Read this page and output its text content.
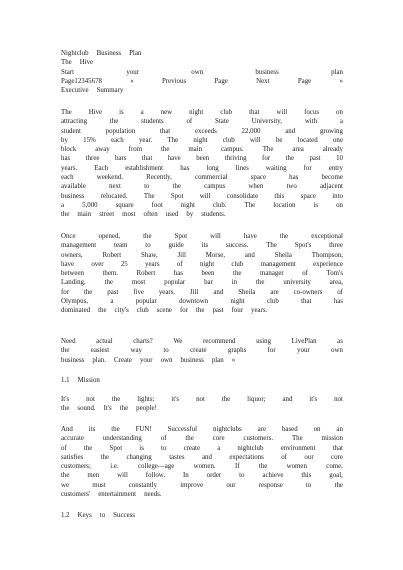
Nightclub Business Plan
The Hive
Start	your	own	business	plan
Page12345678	«	Previous	Page	Next	Page	»
Executive Summary
The Hive is a new night club that will focus on
attracting	the	students	of	State	University,	with	a
student	population	that	exceeds	22,000	and	growing
by 15% each year. The night club will be located one
block	away	from	the	main	campus.	The	area	already
has three bars that have been thriving for the past 10
years. Each establishment has long lines waiting for entry
each	weekend.	Recently,	commercial	space	has	become
available	next	to	the	campus	when	two	adjacent
business relocated. The Spot will consolidate this space into
a	5,000	square	foot	night	club.	The	location	is	on
the main street most often used by students.
Once	opened,	the	Spot	will	have	the	exceptional
management	team	to	guide	its	success.	The	Spot's	three
owners,	Robert	Shaw,	Jill	Morse,	and	Sheila	Thompson,
have	over	25	years	of	night	club	management	experience
between	them.	Robert	has	been	the	manager	of	Tom's
Landing,	the	most	popular	bar	in	the	university	area,
for the past five years. Jill and Sheila are co-owners of
Olympus,	a	popular	downtown	night	club	that	has
dominated the city's club scene for the past four years.
Need	actual	charts?	We	recommend	using	LivePlan	as
the	easiest	way	to	create	graphs	for	your	own
business plan. Create your own business plan »
1.1 Mission
It's not the lights; it's not the liquor; and it's not
the sound. It's the people!
And its the FUN! Successful nightclubs are based on an
accurate	understanding	of	the	core	customers.	The	mission
of the Spot is to create a nightclub environment that
satisfies	the	changing	tastes	and	expectations	of	our	core
customers;	i.e.	college—age	women.	If	the	women	come,
the	men	will	follow.	In	order	to	achieve	this	goal,
we	must	constantly	improve	our	response	to	the
customers' entertainment needs.
1.2 Keys to Success
